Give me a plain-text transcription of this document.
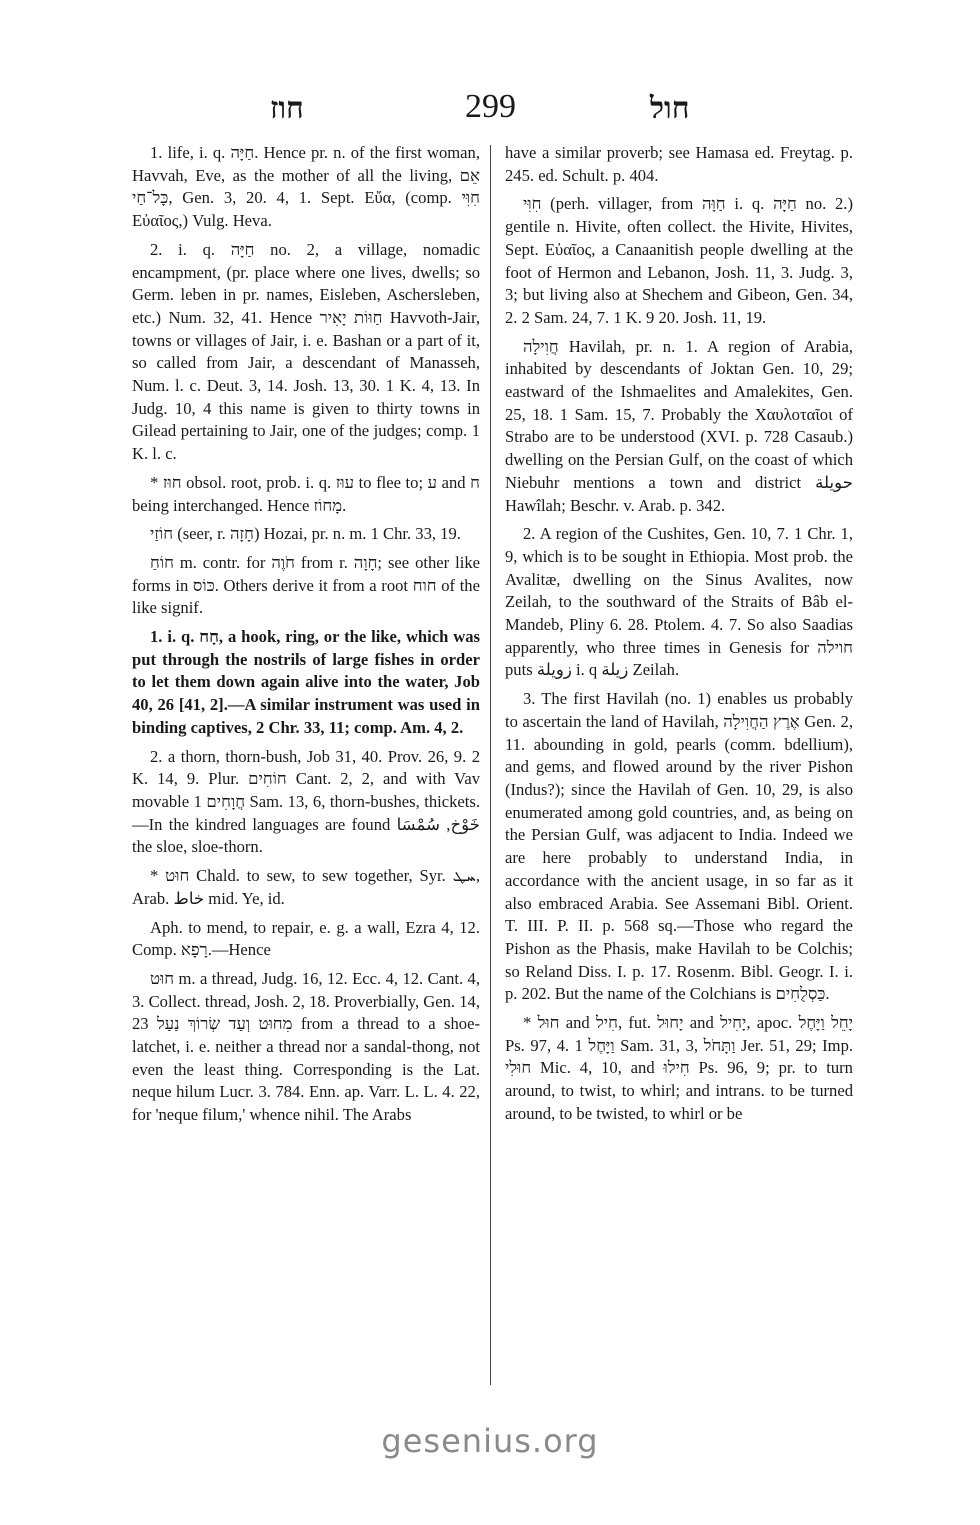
חוז	299	חול

1. life, i. q. חַיָּה. Hence pr. n. of the first woman, Havvah, Eve, as the mother of all the living, אֵם כָּל־חַי, Gen. 3, 20. 4, 1. Sept. Εὔα, (comp. חִוִּי Εὐαῖος,) Vulg. Heva.

2. i. q. חַיָּה no. 2, a village, nomadic encampment, (pr. place where one lives, dwells; so Germ. leben in pr. names, Eisleben, Aschersleben, etc.) Num. 32, 41. Hence חַוּוֹת יָאִיר Havvoth-Jair, towns or villages of Jair, i. e. Bashan or a part of it, so called from Jair, a descendant of Manasseh, Num. l. c. Deut. 3, 14. Josh. 13, 30. 1 K. 4, 13. In Judg. 10, 4 this name is given to thirty towns in Gilead pertaining to Jair, one of the judges; comp. 1 K. l. c.

* חוּז obsol. root, prob. i. q. עוּז to flee to; ע and ח being interchanged. Hence מָחוֹז.

חוֹזַי (seer, r. חָזָה) Hozai, pr. n. m. 1 Chr. 33, 19.

חוֹחַ m. contr. for חֹוֶה from r. חָוָה; see other like forms in כּוֹס. Others derive it from a root חוח of the like signif.

1. i. q. חָח, a hook, ring, or the like, which was put through the nostrils of large fishes in order to let them down again alive into the water, Job 40, 26 [41, 2].—A similar instrument was used in binding captives, 2 Chr. 33, 11; comp. Am. 4, 2.

2. a thorn, thorn-bush, Job 31, 40. Prov. 26, 9. 2 K. 14, 9. Plur. חוֹחִים Cant. 2, 2, and with Vav movable חֲוָחִים 1 Sam. 13, 6, thorn-bushes, thickets.—In the kindred languages are found خَوْخ, سُمْسَا the sloe, sloe-thorn.

* חוּט Chald. to sew, to sew together, Syr. ܚܛ, Arab. خاط mid. Ye, id.

Aph. to mend, to repair, e. g. a wall, Ezra 4, 12. Comp. רָפָא.—Hence

חוּט m. a thread, Judg. 16, 12. Ecc. 4, 12. Cant. 4, 3. Collect. thread, Josh. 2, 18. Proverbially, Gen. 14, 23 מִחוּט וְעַד שְׂרוֹךְ נַעַל from a thread to a shoe-latchet, i. e. neither a thread nor a sandal-thong, not even the least thing. Corresponding is the Lat. neque hilum Lucr. 3. 784. Enn. ap. Varr. L. L. 4. 22, for 'neque filum,' whence nihil. The Arabs

have a similar proverb; see Hamasa ed. Freytag. p. 245. ed. Schult. p. 404.

חִוִּי (perh. villager, from חַוָּה i. q. חַיָּה no. 2.) gentile n. Hivite, often collect. the Hivite, Hivites, Sept. Εὐαῖος, a Canaanitish people dwelling at the foot of Hermon and Lebanon, Josh. 11, 3. Judg. 3, 3; but living also at Shechem and Gibeon, Gen. 34, 2. 2 Sam. 24, 7. 1 K. 9 20. Josh. 11, 19.

חֲוִילָה Havilah, pr. n. 1. A region of Arabia, inhabited by descendants of Joktan Gen. 10, 29; eastward of the Ishmaelites and Amalekites, Gen. 25, 18. 1 Sam. 15, 7. Probably the Χαυλοταῖοι of Strabo are to be understood (XVI. p. 728 Casaub.) dwelling on the Persian Gulf, on the coast of which Niebuhr mentions a town and district حويلة Hawîlah; Beschr. v. Arab. p. 342.

2. A region of the Cushites, Gen. 10, 7. 1 Chr. 1, 9, which is to be sought in Ethiopia. Most prob. the Avalitæ, dwelling on the Sinus Avalites, now Zeilah, to the southward of the Straits of Bâb el-Mandeb, Pliny 6. 28. Ptolem. 4. 7. So also Saadias apparently, who three times in Genesis for חוילה puts زويلة i. q زيلة Zeilah.

3. The first Havilah (no. 1) enables us probably to ascertain the land of Havilah, אֶרֶץ הַחֲוִילָה Gen. 2, 11. abounding in gold, pearls (comm. bdellium), and gems, and flowed around by the river Pishon (Indus?); since the Havilah of Gen. 10, 29, is also enumerated among gold countries, and, as being on the Persian Gulf, was adjacent to India. Indeed we are here probably to understand India, in accordance with the ancient usage, in so far as it also embraced Arabia. See Assemani Bibl. Orient. T. III. P. II. p. 568 sq.—Those who regard the Pishon as the Phasis, make Havilah to be Colchis; so Reland Diss. I. p. 17. Rosenm. Bibl. Geogr. I. i. p. 202. But the name of the Colchians is כַּסְלֻחִים.

* חוּל and חִיל, fut. יָחוּל and יָחִיל, apoc. יָחֵל וַיָּחֶל Ps. 97, 4. וַיָּחֶל 1 Sam. 31, 3, וַתָּחֹל Jer. 51, 29; Imp. חוּלִי Mic. 4, 10, and חִילוּ Ps. 96, 9; pr. to turn around, to twist, to whirl; and intrans. to be turned around, to be twisted, to whirl or be

gesenius.org
